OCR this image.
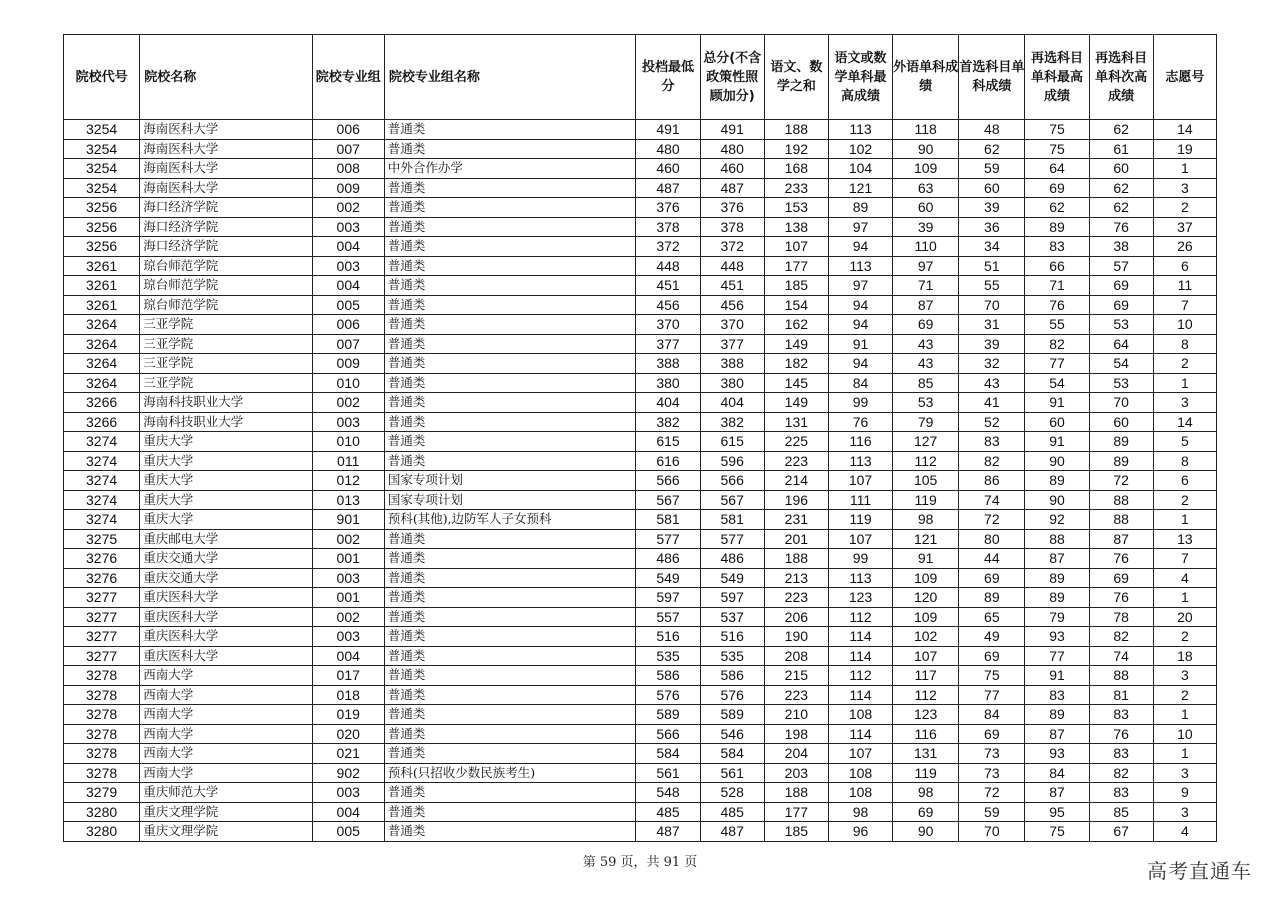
院校代号	院校名称	院校专业组	院校专业组名称	投档最低分	总分(不含政策性照顾加分)	语文、数学之和	语文或数学单科最高成绩	外语单科成绩	首选科目单科成绩	再选科目单科最高成绩	再选科目单科次高成绩	志愿号
3254	海南医科大学	006	普通类	491	491	188	113	118	48	75	62	14
3254	海南医科大学	007	普通类	480	480	192	102	90	62	75	61	19
3254	海南医科大学	008	中外合作办学	460	460	168	104	109	59	64	60	1
3254	海南医科大学	009	普通类	487	487	233	121	63	60	69	62	3
3256	海口经济学院	002	普通类	376	376	153	89	60	39	62	62	2
3256	海口经济学院	003	普通类	378	378	138	97	39	36	89	76	37
3256	海口经济学院	004	普通类	372	372	107	94	110	34	83	38	26
3261	琼台师范学院	003	普通类	448	448	177	113	97	51	66	57	6
3261	琼台师范学院	004	普通类	451	451	185	97	71	55	71	69	11
3261	琼台师范学院	005	普通类	456	456	154	94	87	70	76	69	7
3264	三亚学院	006	普通类	370	370	162	94	69	31	55	53	10
3264	三亚学院	007	普通类	377	377	149	91	43	39	82	64	8
3264	三亚学院	009	普通类	388	388	182	94	43	32	77	54	2
3264	三亚学院	010	普通类	380	380	145	84	85	43	54	53	1
3266	海南科技职业大学	002	普通类	404	404	149	99	53	41	91	70	3
3266	海南科技职业大学	003	普通类	382	382	131	76	79	52	60	60	14
3274	重庆大学	010	普通类	615	615	225	116	127	83	91	89	5
3274	重庆大学	011	普通类	616	596	223	113	112	82	90	89	8
3274	重庆大学	012	国家专项计划	566	566	214	107	105	86	89	72	6
3274	重庆大学	013	国家专项计划	567	567	196	111	119	74	90	88	2
3274	重庆大学	901	预科(其他),边防军人子女预科	581	581	231	119	98	72	92	88	1
3275	重庆邮电大学	002	普通类	577	577	201	107	121	80	88	87	13
3276	重庆交通大学	001	普通类	486	486	188	99	91	44	87	76	7
3276	重庆交通大学	003	普通类	549	549	213	113	109	69	89	69	4
3277	重庆医科大学	001	普通类	597	597	223	123	120	89	89	76	1
3277	重庆医科大学	002	普通类	557	537	206	112	109	65	79	78	20
3277	重庆医科大学	003	普通类	516	516	190	114	102	49	93	82	2
3277	重庆医科大学	004	普通类	535	535	208	114	107	69	77	74	18
3278	西南大学	017	普通类	586	586	215	112	117	75	91	88	3
3278	西南大学	018	普通类	576	576	223	114	112	77	83	81	2
3278	西南大学	019	普通类	589	589	210	108	123	84	89	83	1
3278	西南大学	020	普通类	566	546	198	114	116	69	87	76	10
3278	西南大学	021	普通类	584	584	204	107	131	73	93	83	1
3278	西南大学	902	预科(只招收少数民族考生)	561	561	203	108	119	73	84	82	3
3279	重庆师范大学	003	普通类	548	528	188	108	98	72	87	83	9
3280	重庆文理学院	004	普通类	485	485	177	98	69	59	95	85	3
3280	重庆文理学院	005	普通类	487	487	185	96	90	70	75	67	4
第 59 页，共 91 页	高考直通车
